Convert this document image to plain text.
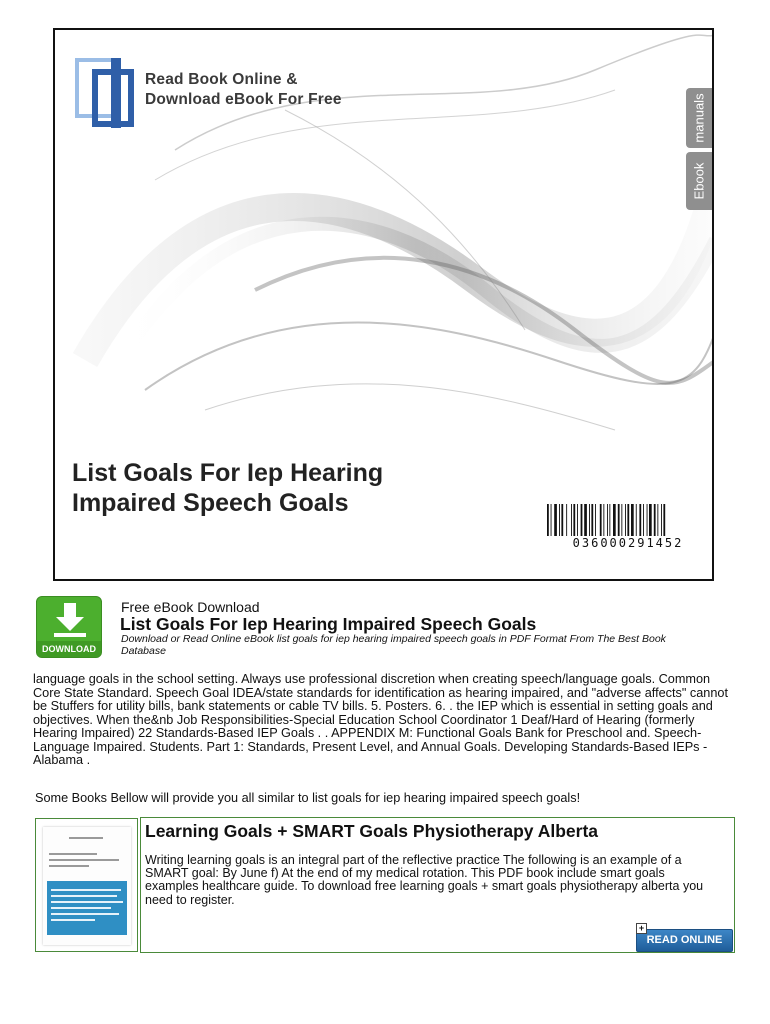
Read Book Online &
Download eBook For Free	manuals
Ebook
List Goals For Iep Hearing
Impaired Speech Goals
036000291452
DOWNLOAD
Free eBook Download
List Goals For Iep Hearing Impaired Speech Goals
Download or Read Online eBook list goals for iep hearing impaired speech goals in PDF Format From The Best Book Database
language goals in the school setting. Always use professional discretion when creating speech/language goals. Common Core State Standard. Speech Goal IDEA/state standards for identification as hearing impaired, and "adverse affects" cannot be Stuffers for utility bills, bank statements or cable TV bills. 5. Posters. 6. . the IEP which is essential in setting goals and objectives. When the&nb Job Responsibilities-Special Education School Coordinator 1 Deaf/Hard of Hearing (formerly Hearing Impaired) 22 Standards-Based IEP Goals . . APPENDIX M: Functional Goals Bank for Preschool and. Speech-Language Impaired. Students. Part 1: Standards, Present Level, and Annual Goals. Developing Standards-Based IEPs - Alabama .
Some Books Bellow will provide you all similar to list goals for iep hearing impaired speech goals!
Learning Goals + SMART Goals Physiotherapy Alberta
Writing learning goals is an integral part of the reflective practice The following is an example of a SMART goal: By June f) At the end of my medical rotation. This PDF book include smart goals examples healthcare guide. To download free learning goals + smart goals physiotherapy alberta you need to register.
+
READ ONLINE
